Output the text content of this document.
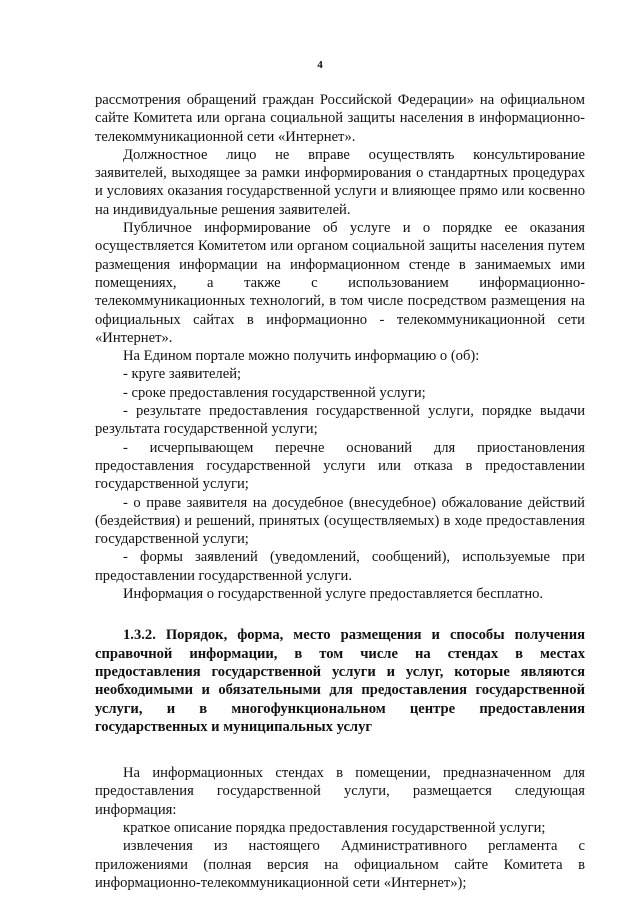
4

рассмотрения обращений граждан Российской Федерации» на официальном сайте Комитета или органа социальной защиты населения в информационно-телекоммуникационной сети «Интернет».

Должностное лицо не вправе осуществлять консультирование заявителей, выходящее за рамки информирования о стандартных процедурах и условиях оказания государственной услуги и влияющее прямо или косвенно на индивидуальные решения заявителей.

Публичное информирование об услуге и о порядке ее оказания осуществляется Комитетом или органом социальной защиты населения путем размещения информации на информационном стенде в занимаемых ими помещениях, а также с использованием информационно-телекоммуникационных технологий, в том числе посредством размещения на официальных сайтах в информационно - телекоммуникационной сети «Интернет».

На Едином портале можно получить информацию о (об):

- круге заявителей;

- сроке предоставления государственной услуги;

- результате предоставления государственной услуги, порядке выдачи результата государственной услуги;

- исчерпывающем перечне оснований для приостановления предоставления государственной услуги или отказа в предоставлении государственной услуги;

- о праве заявителя на досудебное (внесудебное) обжалование действий (бездействия) и решений, принятых (осуществляемых) в ходе предоставления государственной услуги;

- формы заявлений (уведомлений, сообщений), используемые при предоставлении государственной услуги.

Информация о государственной услуге предоставляется бесплатно.

1.3.2. Порядок, форма, место размещения и способы получения справочной информации, в том числе на стендах в местах предоставления государственной услуги и услуг, которые являются необходимыми и обязательными для предоставления государственной услуги, и в многофункциональном центре предоставления государственных и муниципальных услуг

На информационных стендах в помещении, предназначенном для предоставления государственной услуги, размещается следующая информация:

краткое описание порядка предоставления государственной услуги;

извлечения из настоящего Административного регламента с приложениями (полная версия на официальном сайте Комитета в информационно-телекоммуникационной сети «Интернет»);
